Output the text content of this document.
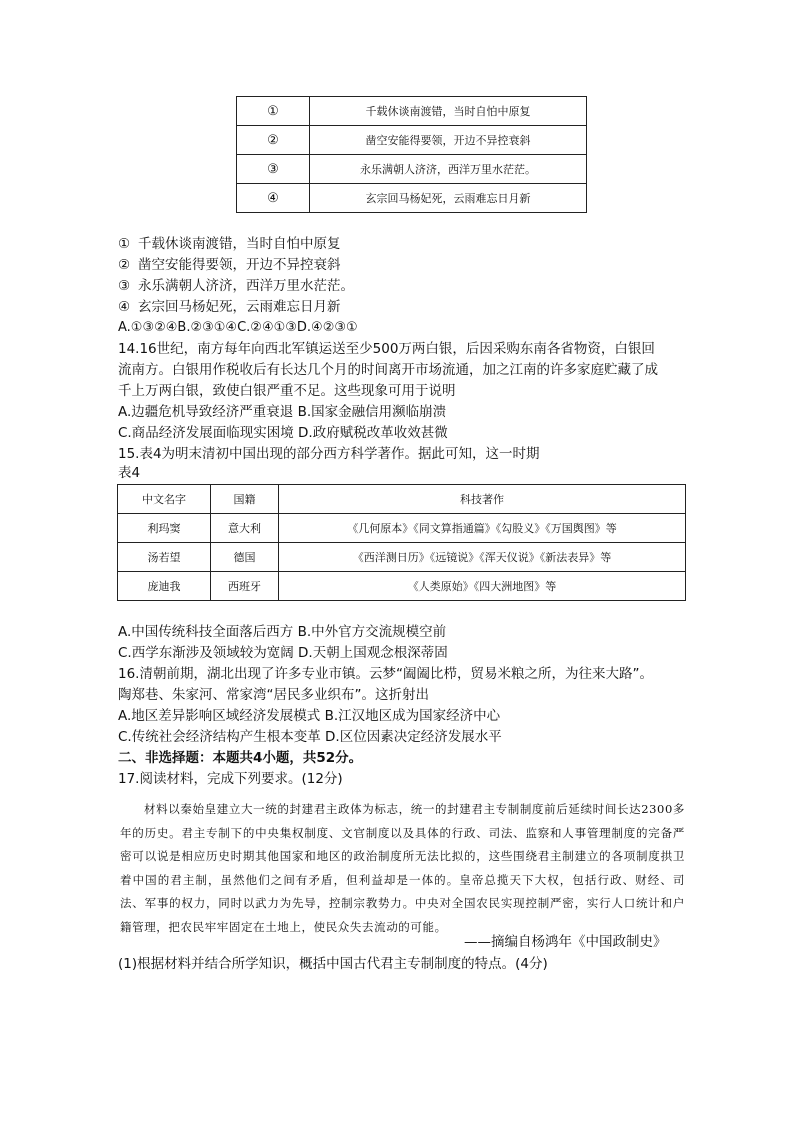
①	千载休谈南渡错，当时自怕中原复
②	凿空安能得要领，开边不异控衰斜
③	永乐满朝人济济，西洋万里水茫茫。
④	玄宗回马杨妃死，云雨难忘日月新
① 千载休谈南渡错，当时自怕中原复
② 凿空安能得要领，开边不异控衰斜
③ 永乐满朝人济济，西洋万里水茫茫。
④ 玄宗回马杨妃死，云雨难忘日月新
A.①③②④B.②③①④C.②④①③D.④②③①
14.16世纪，南方每年向西北军镇运送至少500万两白银，后因采购东南各省物资，白银回
流南方。白银用作税收后有长达几个月的时间离开市场流通，加之江南的许多家庭贮藏了成
千上万两白银，致使白银严重不足。这些现象可用于说明
A.边疆危机导致经济严重衰退 B.国家金融信用濒临崩溃
C.商品经济发展面临现实困境 D.政府赋税改革收效甚微
15.表4为明末清初中国出现的部分西方科学著作。据此可知，这一时期
表4
中文名字	国籍	科技著作
利玛窦	意大利	《几何原本》《同文算指通篇》《勾股义》《万国舆图》等
汤若望	德国	《西洋测日历》《远镜说》《浑天仪说》《新法表异》等
庞迪我	西班牙	《人类原始》《四大洲地图》等
A.中国传统科技全面落后西方 B.中外官方交流规模空前
C.西学东渐涉及领域较为宽阔 D.天朝上国观念根深蒂固
16.清朝前期，湖北出现了许多专业市镇。云梦“阖阖比栉，贸易米粮之所，为往来大路”。
陶郑巷、朱家河、常家湾“居民多业织布”。这折射出
A.地区差异影响区域经济发展模式 B.江汉地区成为国家经济中心
C.传统社会经济结构产生根本变革 D.区位因素决定经济发展水平
二、非选择题：本题共4小题，共52分。
17.阅读材料，完成下列要求。(12分)
材料以秦始皇建立大一统的封建君主政体为标志，统一的封建君主专制制度前后延续时间长达2300多年的历史。君主专制下的中央集权制度、文官制度以及具体的行政、司法、监察和人事管理制度的完备严密可以说是相应历史时期其他国家和地区的政治制度所无法比拟的，这些围绕君主制建立的各项制度拱卫着中国的君主制，虽然他们之间有矛盾，但利益却是一体的。皇帝总揽天下大权，包括行政、财经、司法、军事的权力，同时以武力为先导，控制宗教势力。中央对全国农民实现控制严密，实行人口统计和户籍管理，把农民牢牢固定在土地上，使民众失去流动的可能。
——摘编自杨鸿年《中国政制史》
(1)根据材料并结合所学知识，概括中国古代君主专制制度的特点。(4分)
